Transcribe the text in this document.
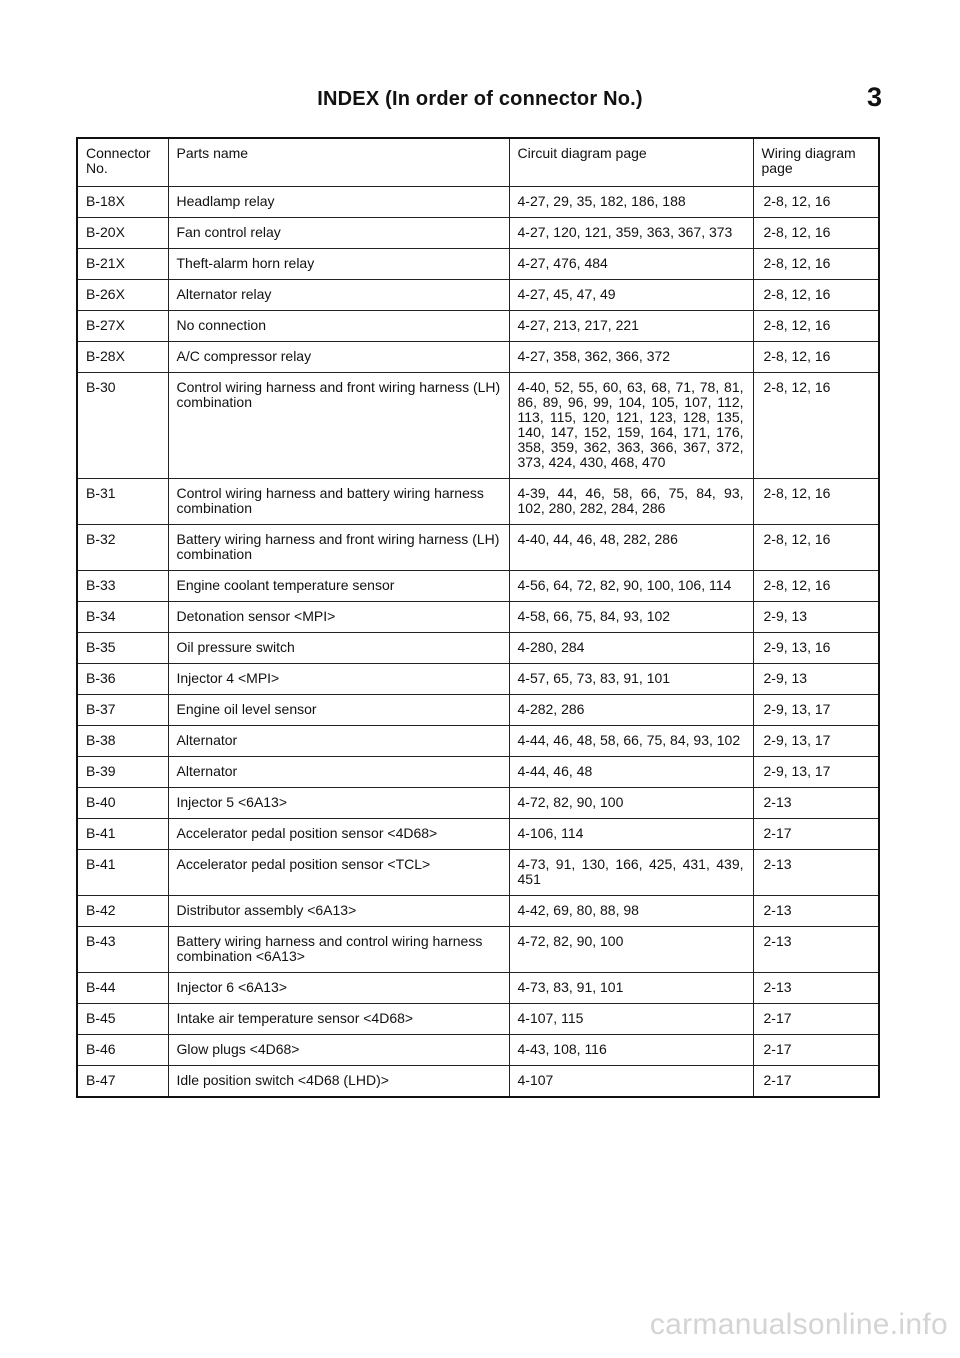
INDEX (In order of connector No.)	3
Connector No.	Parts name	Circuit diagram page	Wiring diagram page
B-18X	Headlamp relay	4-27, 29, 35, 182, 186, 188	2-8, 12, 16
B-20X	Fan control relay	4-27, 120, 121, 359, 363, 367, 373	2-8, 12, 16
B-21X	Theft-alarm horn relay	4-27, 476, 484	2-8, 12, 16
B-26X	Alternator relay	4-27, 45, 47, 49	2-8, 12, 16
B-27X	No connection	4-27, 213, 217, 221	2-8, 12, 16
B-28X	A/C compressor relay	4-27, 358, 362, 366, 372	2-8, 12, 16
B-30	Control wiring harness and front wiring harness (LH) combination	4-40, 52, 55, 60, 63, 68, 71, 78, 81, 86, 89, 96, 99, 104, 105, 107, 112, 113, 115, 120, 121, 123, 128, 135, 140, 147, 152, 159, 164, 171, 176, 358, 359, 362, 363, 366, 367, 372, 373, 424, 430, 468, 470	2-8, 12, 16
B-31	Control wiring harness and battery wiring harness combination	4-39, 44, 46, 58, 66, 75, 84, 93, 102, 280, 282, 284, 286	2-8, 12, 16
B-32	Battery wiring harness and front wiring harness (LH) combination	4-40, 44, 46, 48, 282, 286	2-8, 12, 16
B-33	Engine coolant temperature sensor	4-56, 64, 72, 82, 90, 100, 106, 114	2-8, 12, 16
B-34	Detonation sensor <MPI>	4-58, 66, 75, 84, 93, 102	2-9, 13
B-35	Oil pressure switch	4-280, 284	2-9, 13, 16
B-36	Injector 4 <MPI>	4-57, 65, 73, 83, 91, 101	2-9, 13
B-37	Engine oil level sensor	4-282, 286	2-9, 13, 17
B-38	Alternator	4-44, 46, 48, 58, 66, 75, 84, 93, 102	2-9, 13, 17
B-39	Alternator	4-44, 46, 48	2-9, 13, 17
B-40	Injector 5 <6A13>	4-72, 82, 90, 100	2-13
B-41	Accelerator pedal position sensor <4D68>	4-106, 114	2-17
B-41	Accelerator pedal position sensor <TCL>	4-73, 91, 130, 166, 425, 431, 439, 451	2-13
B-42	Distributor assembly <6A13>	4-42, 69, 80, 88, 98	2-13
B-43	Battery wiring harness and control wiring harness combination <6A13>	4-72, 82, 90, 100	2-13
B-44	Injector 6 <6A13>	4-73, 83, 91, 101	2-13
B-45	Intake air temperature sensor <4D68>	4-107, 115	2-17
B-46	Glow plugs <4D68>	4-43, 108, 116	2-17
B-47	Idle position switch <4D68 (LHD)>	4-107	2-17
carmanualsonline.info
